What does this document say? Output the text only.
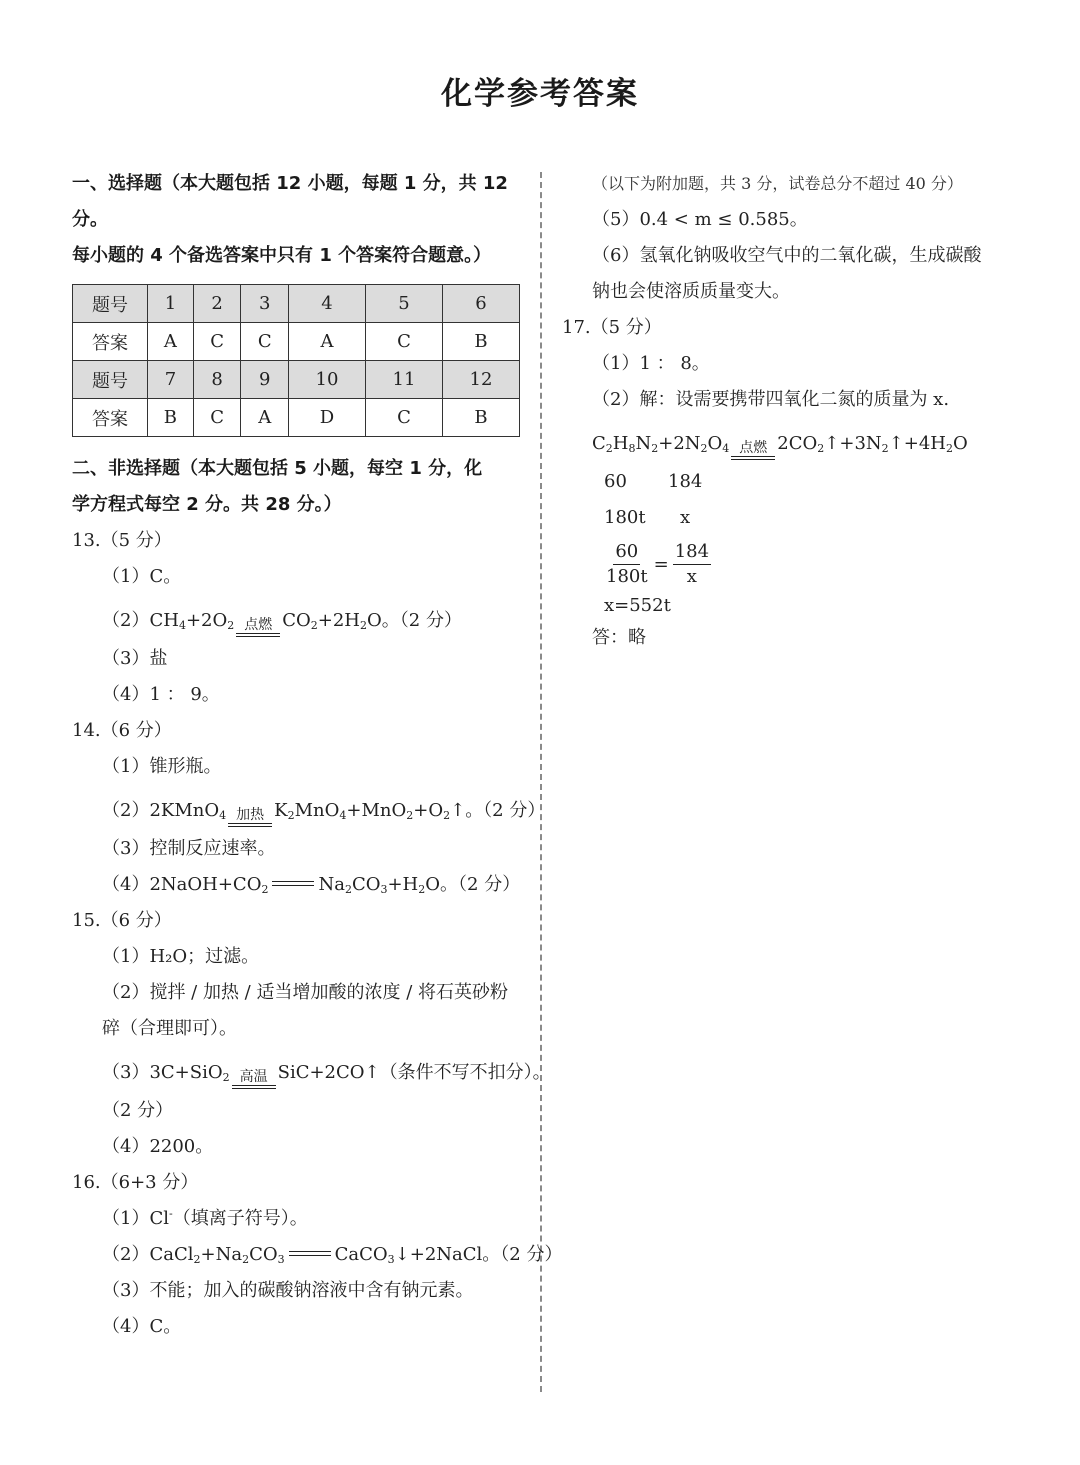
化学参考答案
一、选择题（本大题包括 12 小题，每题 1 分，共 12 分。
每小题的 4 个备选答案中只有 1 个答案符合题意。）
题号	1	2	3	4	5	6
答案	A	C	C	A	C	B
题号	7	8	9	10	11	12
答案	B	C	A	D	C	B
二、非选择题（本大题包括 5 小题，每空 1 分，化
学方程式每空 2 分。共 28 分。）
13.（5 分）
（1）C。
$(2)CH_4+2O_2$ 点燃 $CO_2+2H_2O$。（2 分）
（3）盐
（4）1 ： 9。
14.（6 分）
（1）锥形瓶。
（2）2KMnO$_4$ 加热 $K_2MnO_4+MnO_2+O_2↑$。（2 分）
（3）控制反应速率。
$(4)2NaOH+CO_2$	$Na_2CO_3+H_2O$。（2 分）
15.（6 分）
（1）H₂O；过滤。
（2）搅拌 / 加热 / 适当增加酸的浓度 / 将石英砂粉
碎（合理即可）。
（3）3C+SiO$_2$ 高温 SiC+2CO↑（条件不写不扣分）。
（2 分）
（4）2200。
16.（6+3 分）
（1）Cl-（填离子符号）。
$(2)CaCl_2+Na_2CO_3$	CaCO$_3$↓+2NaCl。（2 分）
（3）不能；加入的碳酸钠溶液中含有钠元素。
（4）C。
（以下为附加题，共 3 分，试卷总分不超过 40 分）
（5）0.4 < m ≤ 0.585。
（6）氢氧化钠吸收空气中的二氧化碳，生成碳酸
钠也会使溶质质量变大。
17.（5 分）
（1）1 ： 8。
（2）解：设需要携带四氧化二氮的质量为 x.
$C_2H_8N_2+2N_2O_4$ 点燃 $2CO_2↑+3N_2↑+4H_2O$
60	184
180t	x
$\frac{60}{180t} = \frac{184}{x}$
x=552t
答：略
